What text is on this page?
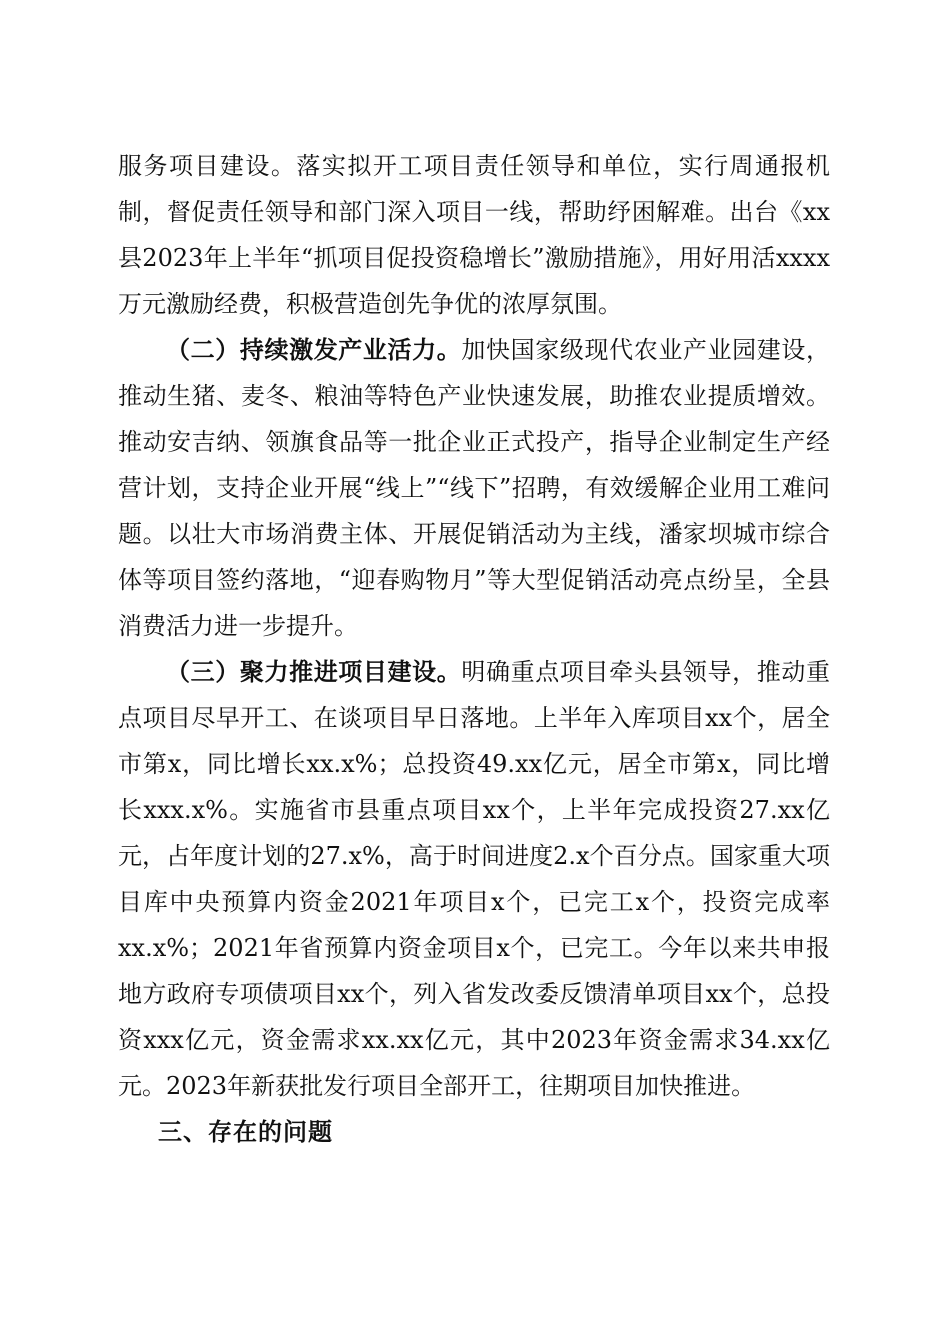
服务项目建设。落实拟开工项目责任领导和单位，实行周通报机制，督促责任领导和部门深入项目一线，帮助纾困解难。出台《xx县2023年上半年“抓项目促投资稳增长”激励措施》，用好用活xxxx万元激励经费，积极营造创先争优的浓厚氛围。

（二）持续激发产业活力。加快国家级现代农业产业园建设，推动生猪、麦冬、粮油等特色产业快速发展，助推农业提质增效。推动安吉纳、领旗食品等一批企业正式投产，指导企业制定生产经营计划，支持企业开展“线上”“线下”招聘，有效缓解企业用工难问题。以壮大市场消费主体、开展促销活动为主线，潘家坝城市综合体等项目签约落地，“迎春购物月”等大型促销活动亮点纷呈，全县消费活力进一步提升。

（三）聚力推进项目建设。明确重点项目牵头县领导，推动重点项目尽早开工、在谈项目早日落地。上半年入库项目xx个，居全市第x，同比增长xx.x%；总投资49.xx亿元，居全市第x，同比增长xxx.x%。实施省市县重点项目xx个，上半年完成投资27.xx亿元，占年度计划的27.x%，高于时间进度2.x个百分点。国家重大项目库中央预算内资金2021年项目x个，已完工x个，投资完成率xx.x%；2021年省预算内资金项目x个，已完工。今年以来共申报地方政府专项债项目xx个，列入省发改委反馈清单项目xx个，总投资xxx亿元，资金需求xx.xx亿元，其中2023年资金需求34.xx亿元。2023年新获批发行项目全部开工，往期项目加快推进。

三、存在的问题
